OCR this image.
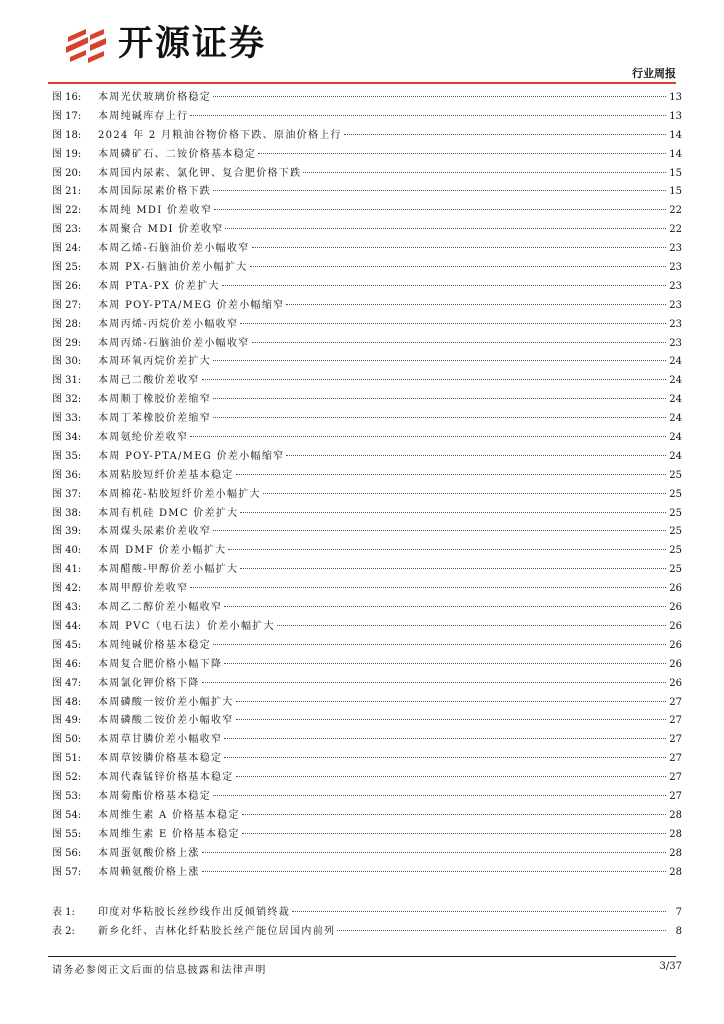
开源证券
行业周报
图 16:	本周光伏玻璃价格稳定	13
图 17:	本周纯碱库存上行	13
图 18:	2024 年 2 月粮油谷物价格下跌、原油价格上行	14
图 19:	本周磷矿石、二铵价格基本稳定	14
图 20:	本周国内尿素、氯化钾、复合肥价格下跌	15
图 21:	本周国际尿素价格下跌	15
图 22:	本周纯 MDI 价差收窄	22
图 23:	本周聚合 MDI 价差收窄	22
图 24:	本周乙烯-石脑油价差小幅收窄	23
图 25:	本周 PX-石脑油价差小幅扩大	23
图 26:	本周 PTA-PX 价差扩大	23
图 27:	本周 POY-PTA/MEG 价差小幅缩窄	23
图 28:	本周丙烯-丙烷价差小幅收窄	23
图 29:	本周丙烯-石脑油价差小幅收窄	23
图 30:	本周环氧丙烷价差扩大	24
图 31:	本周己二酸价差收窄	24
图 32:	本周顺丁橡胶价差缩窄	24
图 33:	本周丁苯橡胶价差缩窄	24
图 34:	本周氨纶价差收窄	24
图 35:	本周 POY-PTA/MEG 价差小幅缩窄	24
图 36:	本周粘胶短纤价差基本稳定	25
图 37:	本周棉花-粘胶短纤价差小幅扩大	25
图 38:	本周有机硅 DMC 价差扩大	25
图 39:	本周煤头尿素价差收窄	25
图 40:	本周 DMF 价差小幅扩大	25
图 41:	本周醋酸-甲醇价差小幅扩大	25
图 42:	本周甲醇价差收窄	26
图 43:	本周乙二醇价差小幅收窄	26
图 44:	本周 PVC（电石法）价差小幅扩大	26
图 45:	本周纯碱价格基本稳定	26
图 46:	本周复合肥价格小幅下降	26
图 47:	本周氯化钾价格下降	26
图 48:	本周磷酸一铵价差小幅扩大	27
图 49:	本周磷酸二铵价差小幅收窄	27
图 50:	本周草甘膦价差小幅收窄	27
图 51:	本周草铵膦价格基本稳定	27
图 52:	本周代森锰锌价格基本稳定	27
图 53:	本周菊酯价格基本稳定	27
图 54:	本周维生素 A 价格基本稳定	28
图 55:	本周维生素 E 价格基本稳定	28
图 56:	本周蛋氨酸价格上涨	28
图 57:	本周赖氨酸价格上涨	28
表 1:	印度对华粘胶长丝纱线作出反倾销终裁	7
表 2:	新乡化纤、吉林化纤粘胶长丝产能位居国内前列	8
请务必参阅正文后面的信息披露和法律声明	3/37
